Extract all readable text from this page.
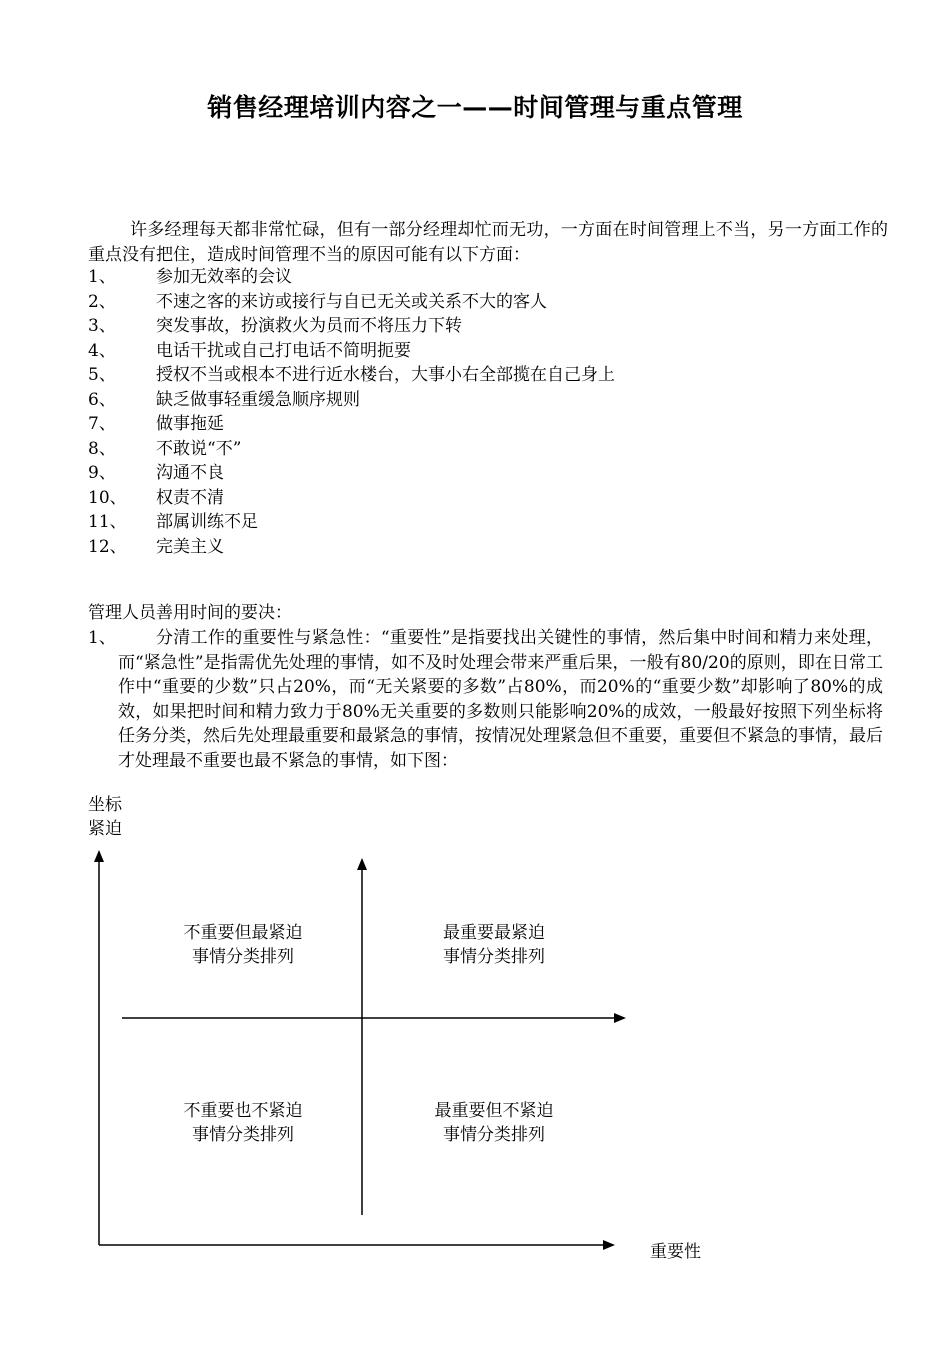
销售经理培训内容之一——时间管理与重点管理
许多经理每天都非常忙碌，但有一部分经理却忙而无功，一方面在时间管理上不当，另一方面工作的重点没有把住，造成时间管理不当的原因可能有以下方面：
1、	参加无效率的会议
2、	不速之客的来访或接行与自已无关或关系不大的客人
3、	突发事故，扮演救火为员而不将压力下转
4、	电话干扰或自己打电话不简明扼要
5、	授权不当或根本不进行近水楼台，大事小右全部揽在自己身上
6、	缺乏做事轻重缓急顺序规则
7、	做事拖延
8、	不敢说“不”
9、	沟通不良
10、	权责不清
11、	部属训练不足
12、	完美主义
管理人员善用时间的要决：
1、	分清工作的重要性与紧急性：“重要性”是指要找出关键性的事情，然后集中时间和精力来处理，而“紧急性”是指需优先处理的事情，如不及时处理会带来严重后果，一般有80/20的原则，即在日常工作中“重要的少数”只占20%，而“无关紧要的多数”占80%，而20%的“重要少数”却影响了80%的成效，如果把时间和精力致力于80%无关重要的多数则只能影响20%的成效，一般最好按照下列坐标将任务分类，然后先处理最重要和最紧急的事情，按情况处理紧急但不重要，重要但不紧急的事情，最后才处理最不重要也最不紧急的事情，如下图：
坐标
紧迫
不重要但最紧迫
事情分类排列
最重要最紧迫
事情分类排列
不重要也不紧迫
事情分类排列
最重要但不紧迫
事情分类排列
重要性
